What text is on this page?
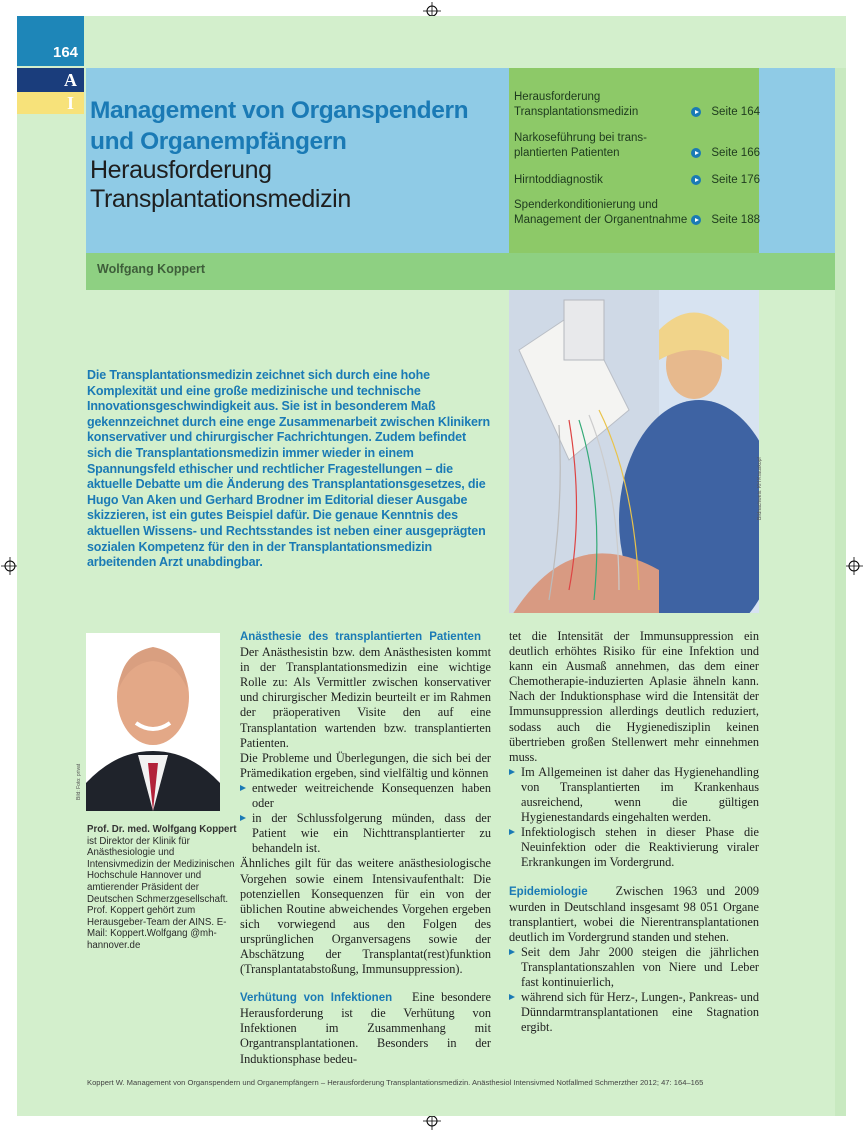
164
A
I Management von Organspendern
und Organempfängern
Herausforderung
Transplantationsmedizin
Herausforderung
Transplantationsmedizin	Seite 164
Narkoseführung bei trans-
plantierten Patienten	Seite 166
Hirntoddiagnostik	Seite 176
Spenderkonditionierung und
Management der Organentnahme	Seite 188
Wolfgang Koppert
Bildnachweis: KH Krauskopf
Die Transplantationsmedizin zeichnet sich durch eine hohe Komplexität und eine große medizinische und technische Innovationsgeschwindigkeit aus. Sie ist in besonderem Maß gekennzeichnet durch eine enge Zusammenarbeit zwischen Klinikern konservativer und chirurgischer Fachrichtungen. Zudem befindet sich die Transplantationsmedizin immer wieder in einem Spannungsfeld ethischer und rechtlicher Fragestellungen – die aktuelle Debatte um die Änderung des Transplantationsgesetzes, die Hugo Van Aken und Gerhard Brodner im Editorial dieser Ausgabe skizzieren, ist ein gutes Beispiel dafür. Die genaue Kenntnis des aktuellen Wissens- und Rechtsstandes ist neben einer ausgeprägten sozialen Kompetenz für den in der Transplantationsmedizin arbeitenden Arzt unabdingbar.
Bild: Foto: privat
Prof. Dr. med. Wolfgang Koppert ist Direktor der Klinik für Anästhesiologie und Intensivmedizin der Medizinischen Hochschule Hannover und amtierender Präsident der Deutschen Schmerzgesellschaft. Prof. Koppert gehört zum Herausgeber-Team der AINS. E-Mail: Koppert.Wolfgang @mh-hannover.de

Anästhesie des transplantierten Patienten   Der Anästhesistin bzw. dem Anästhesisten kommt in der Transplantationsmedizin eine wichtige Rolle zu: Als Vermittler zwischen konservativer und chirurgischer Medizin beurteilt er im Rahmen der präoperativen Visite den auf eine Transplantation wartenden bzw. transplantierten Patienten.

Die Probleme und Überlegungen, die sich bei der Prämedikation ergeben, sind vielfältig und können

entweder weitreichende Konsequenzen haben oder

in der Schlussfolgerung münden, dass der Patient wie ein Nichttransplantierter zu behandeln ist.

Ähnliches gilt für das weitere anästhesiologische Vorgehen sowie einem Intensivaufenthalt: Die potenziellen Konsequenzen für ein von der üblichen Routine abweichendes Vorgehen ergeben sich vorwiegend aus den Folgen des ursprünglichen Organversagens sowie der Abschätzung der Transplantat(rest)funktion (Transplantatabstoßung, Immunsuppression).

Verhütung von Infektionen Eine besondere Herausforderung ist die Verhütung von Infektionen im Zusammenhang mit Organtransplantationen. Besonders in der Induktionsphase bedeu-

tet die Intensität der Immunsuppression ein deutlich erhöhtes Risiko für eine Infektion und kann ein Ausmaß annehmen, das dem einer Chemotherapie-induzierten Aplasie ähneln kann. Nach der Induktionsphase wird die Intensität der Immunsuppression allerdings deutlich reduziert, sodass auch die Hygienedisziplin keinen übertrieben großen Stellenwert mehr einnehmen muss.

Im Allgemeinen ist daher das Hygienehandling von Transplantierten im Krankenhaus ausreichend, wenn die gültigen Hygienestandards eingehalten werden.

Infektiologisch stehen in dieser Phase die Neuinfektion oder die Reaktivierung viraler Erkrankungen im Vordergrund.

Epidemiologie Zwischen 1963 und 2009 wurden in Deutschland insgesamt 98 051 Organe transplantiert, wobei die Nierentransplantationen deutlich im Vordergrund standen und stehen.

Seit dem Jahr 2000 steigen die jährlichen Transplantationszahlen von Niere und Leber fast kontinuierlich,

während sich für Herz-, Lungen-, Pankreas- und Dünndarmtransplantationen eine Stagnation ergibt.

Koppert W. Management von Organspendern und Organempfängern – Herausforderung Transplantationsmedizin. Anästhesiol Intensivmed Notfallmed Schmerzther 2012; 47: 164–165
